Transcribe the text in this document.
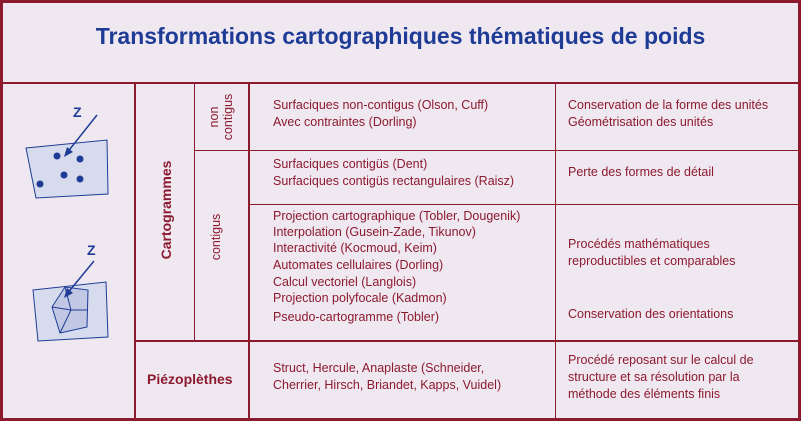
Transformations cartographiques thématiques de poids
Z
Z	Cartogrammes
Piézoplèthes
non contigus
contigus
Surfaciques non-contigus (Olson, Cuff)
Avec contraintes (Dorling)
Conservation de la forme des unités
Géométrisation des unités
Surfaciques contigüs (Dent)
Surfaciques contigüs rectangulaires (Raisz)
Perte des formes de détail
Projection cartographique (Tobler, Dougenik)
Interpolation (Gusein-Zade, Tikunov)
Interactivité (Kocmoud, Keim)
Automates cellulaires (Dorling)
Calcul vectoriel (Langlois)
Projection polyfocale (Kadmon)
Pseudo-cartogramme (Tobler)
Procédés mathématiques
reproductibles et comparables
Conservation des orientations
Struct, Hercule, Anaplaste (Schneider,
Cherrier, Hirsch, Briandet, Kapps, Vuidel)
Procédé reposant sur le calcul de
structure et sa résolution par la
méthode des éléments finis
